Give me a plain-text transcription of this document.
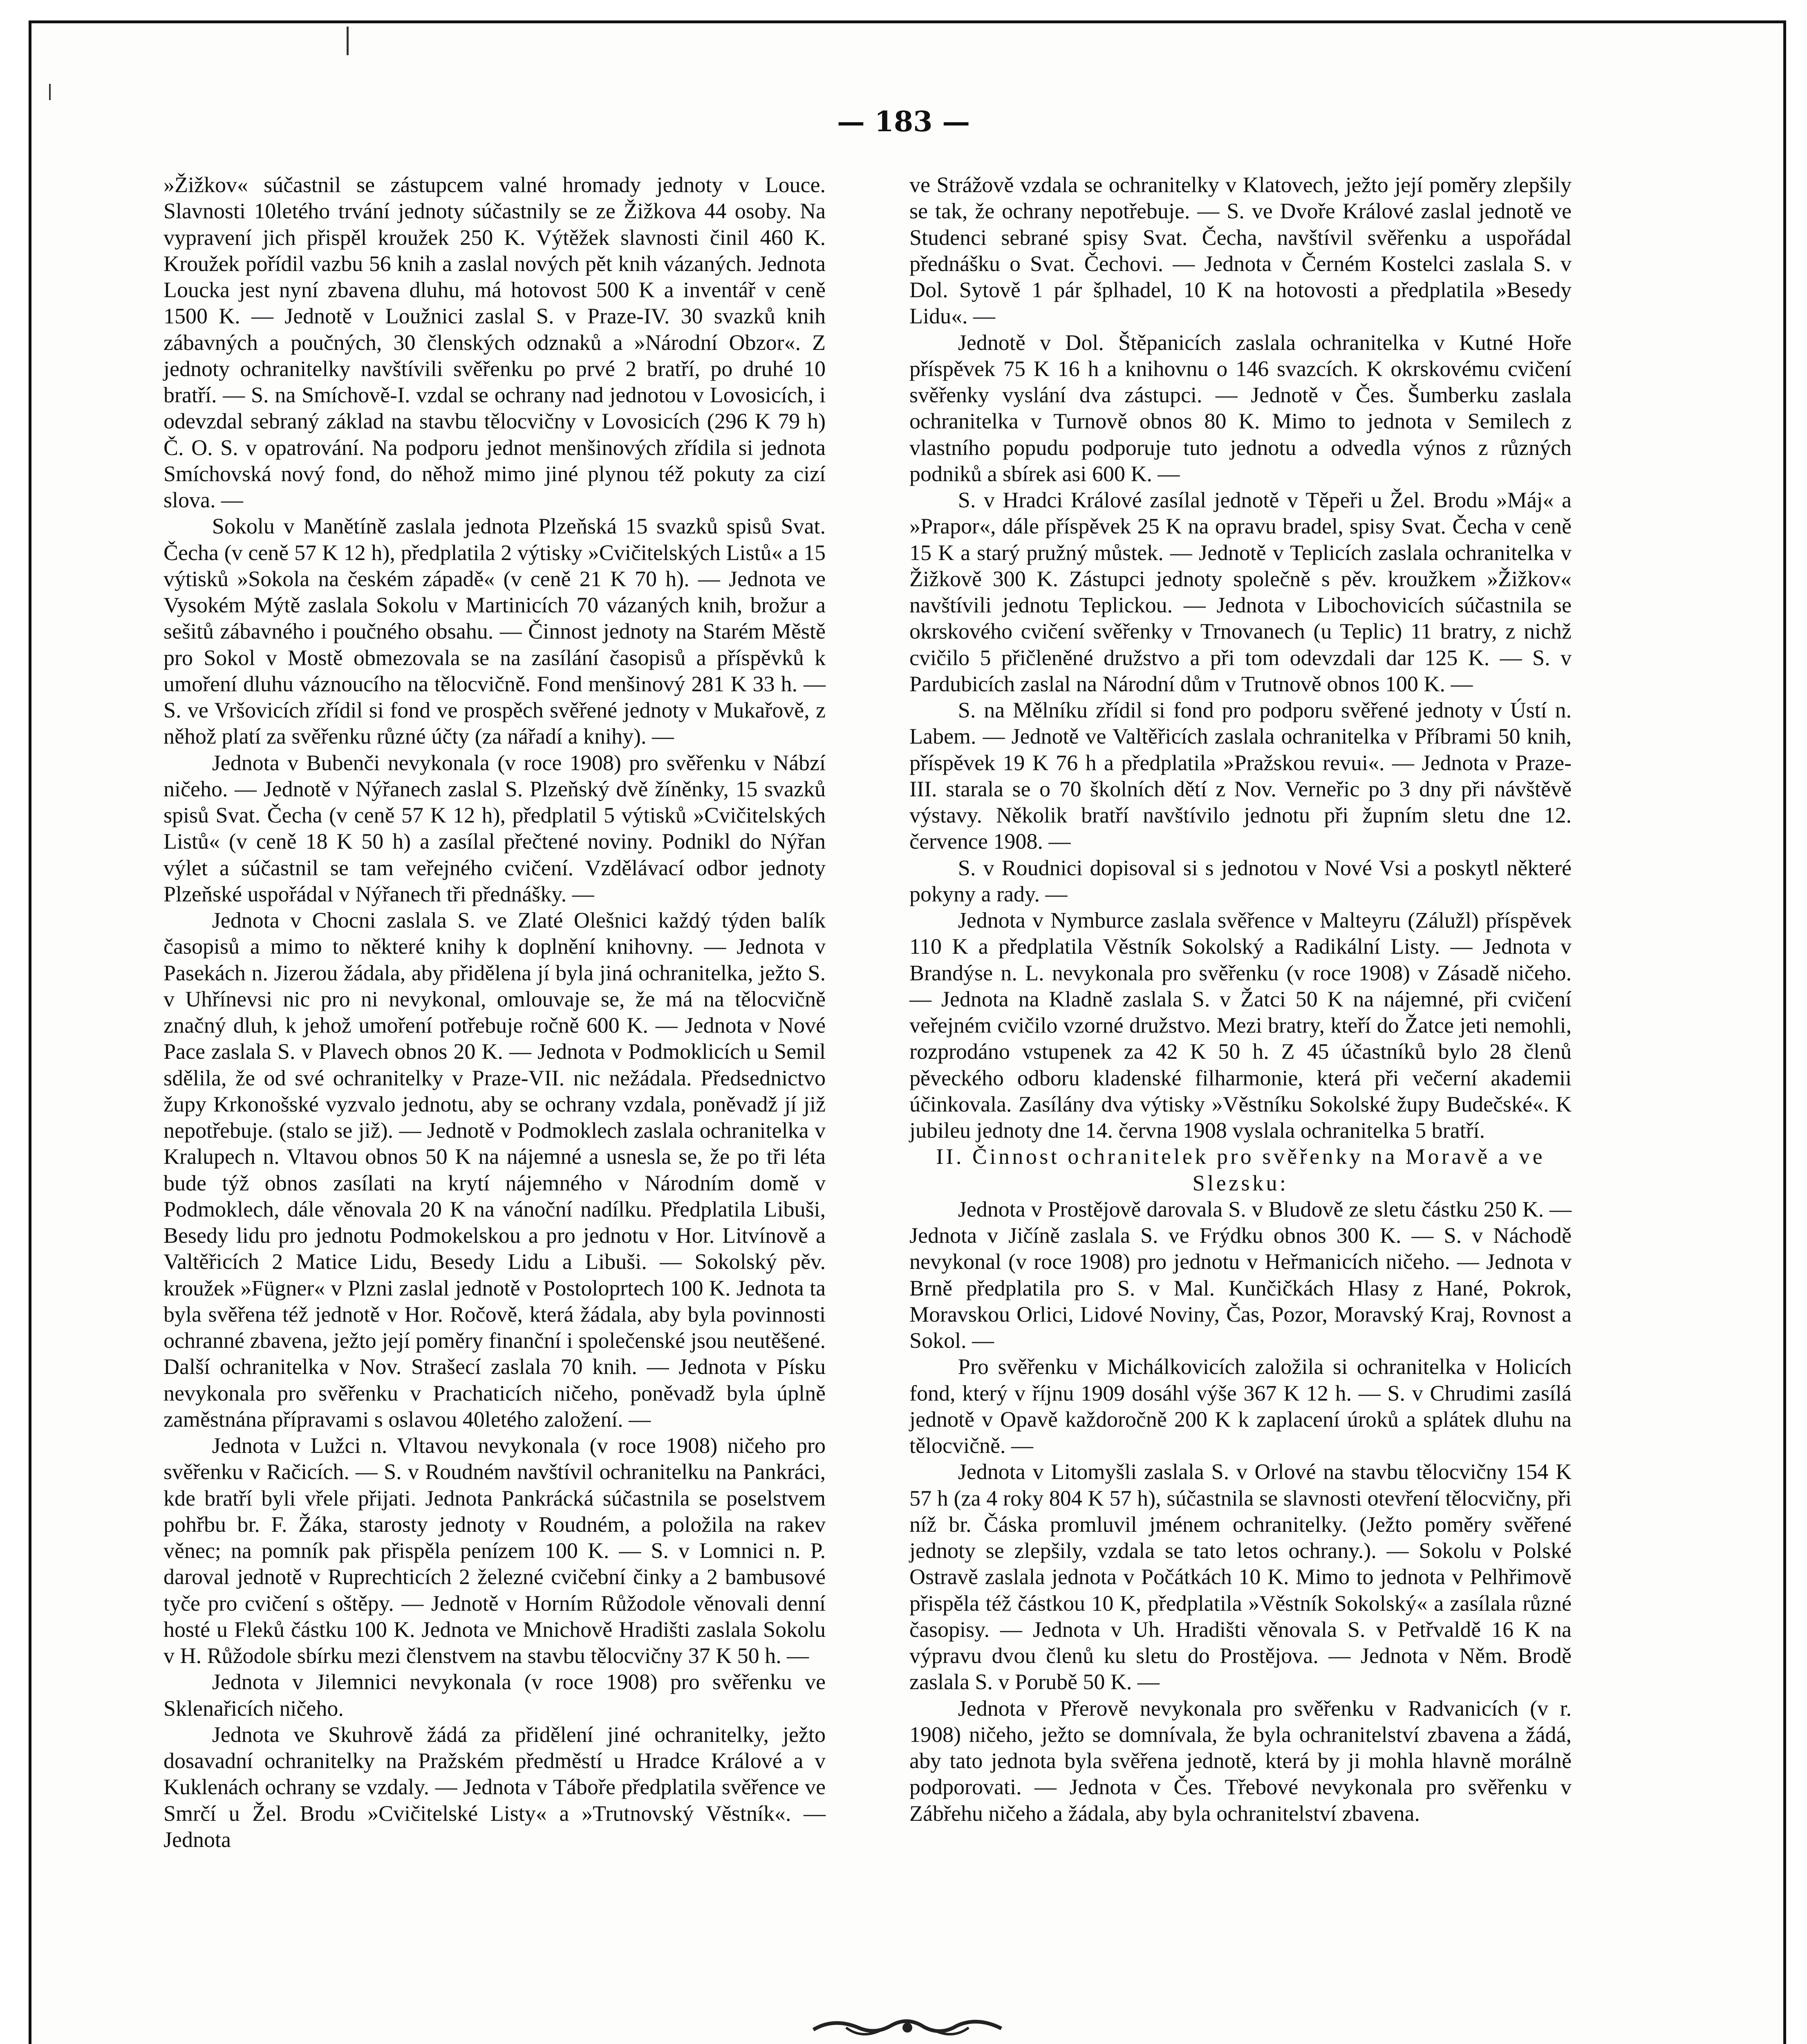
— 183 —

»Žižkov« súčastnil se zástupcem valné hromady jednoty v Louce. Slavnosti 10letého trvání jednoty súčastnily se ze Žižkova 44 osoby. Na vypravení jich přispěl kroužek 250 K. Výtěžek slavnosti činil 460 K. Kroužek pořídil vazbu 56 knih a zaslal nových pět knih vázaných. Jednota Loucka jest nyní zbavena dluhu, má hotovost 500 K a inventář v ceně 1500 K. — Jednotě v Loužnici zaslal S. v Praze-IV. 30 svazků knih zábavných a poučných, 30 členských odznaků a »Národní Obzor«. Z jednoty ochranitelky navštívili svěřenku po prvé 2 bratří, po druhé 10 bratří. — S. na Smíchově-I. vzdal se ochrany nad jednotou v Lovosicích, i odevzdal sebraný základ na stavbu tělocvičny v Lovosicích (296 K 79 h) Č. O. S. v opatrování. Na podporu jednot menšinových zřídila si jednota Smíchovská nový fond, do něhož mimo jiné plynou též pokuty za cizí slova. —

Sokolu v Manětíně zaslala jednota Plzeňská 15 svazků spisů Svat. Čecha (v ceně 57 K 12 h), předplatila 2 výtisky »Cvičitelských Listů« a 15 výtisků »Sokola na českém západě« (v ceně 21 K 70 h). — Jednota ve Vysokém Mýtě zaslala Sokolu v Martinicích 70 vázaných knih, brožur a sešitů zábavného i poučného obsahu. — Činnost jednoty na Starém Městě pro Sokol v Mostě obmezovala se na zasílání časopisů a příspěvků k umoření dluhu váznoucího na tělocvičně. Fond menšinový 281 K 33 h. — S. ve Vršovicích zřídil si fond ve prospěch svěřené jednoty v Mukařově, z něhož platí za svěřenku různé účty (za nářadí a knihy). —

Jednota v Bubenči nevykonala (v roce 1908) pro svěřenku v Nábzí ničeho. — Jednotě v Nýřanech zaslal S. Plzeňský dvě žíněnky, 15 svazků spisů Svat. Čecha (v ceně 57 K 12 h), předplatil 5 výtisků »Cvičitelských Listů« (v ceně 18 K 50 h) a zasílal přečtené noviny. Podnikl do Nýřan výlet a súčastnil se tam veřejného cvičení. Vzdělávací odbor jednoty Plzeňské uspořádal v Nýřanech tři přednášky. —

Jednota v Chocni zaslala S. ve Zlaté Olešnici každý týden balík časopisů a mimo to některé knihy k doplnění knihovny. — Jednota v Pasekách n. Jizerou žádala, aby přidělena jí byla jiná ochranitelka, ježto S. v Uhřínevsi nic pro ni nevykonal, omlouvaje se, že má na tělocvičně značný dluh, k jehož umoření potřebuje ročně 600 K. — Jednota v Nové Pace zaslala S. v Plavech obnos 20 K. — Jednota v Podmoklicích u Semil sdělila, že od své ochranitelky v Praze-VII. nic nežádala. Předsednictvo župy Krkonošské vyzvalo jednotu, aby se ochrany vzdala, poněvadž jí již nepotřebuje. (stalo se již). — Jednotě v Podmoklech zaslala ochranitelka v Kralupech n. Vltavou obnos 50 K na nájemné a usnesla se, že po tři léta bude týž obnos zasílati na krytí nájemného v Národním domě v Podmoklech, dále věnovala 20 K na vánoční nadílku. Předplatila Libuši, Besedy lidu pro jednotu Podmokelskou a pro jednotu v Hor. Litvínově a Valtěřicích 2 Matice Lidu, Besedy Lidu a Libuši. — Sokolský pěv. kroužek »Fügner« v Plzni zaslal jednotě v Postoloprtech 100 K. Jednota ta byla svěřena též jednotě v Hor. Ročově, která žádala, aby byla povinnosti ochranné zbavena, ježto její poměry finanční i společenské jsou neutěšené. Další ochranitelka v Nov. Strašecí zaslala 70 knih. — Jednota v Písku nevykonala pro svěřenku v Prachaticích ničeho, poněvadž byla úplně zaměstnána přípravami s oslavou 40letého založení. —

Jednota v Lužci n. Vltavou nevykonala (v roce 1908) ničeho pro svěřenku v Račicích. — S. v Roudném navštívil ochranitelku na Pankráci, kde bratří byli vřele přijati. Jednota Pankrácká súčastnila se poselstvem pohřbu br. F. Žáka, starosty jednoty v Roudném, a položila na rakev věnec; na pomník pak přispěla penízem 100 K. — S. v Lomnici n. P. daroval jednotě v Ruprechticích 2 železné cvičební činky a 2 bambusové tyče pro cvičení s oštěpy. — Jednotě v Horním Růžodole věnovali denní hosté u Fleků částku 100 K. Jednota ve Mnichově Hradišti zaslala Sokolu v H. Růžodole sbírku mezi členstvem na stavbu tělocvičny 37 K 50 h. —

Jednota v Jilemnici nevykonala (v roce 1908) pro svěřenku ve Sklenařicích ničeho.

Jednota ve Skuhrově žádá za přidělení jiné ochranitelky, ježto dosavadní ochranitelky na Pražském předměstí u Hradce Králové a v Kuklenách ochrany se vzdaly. — Jednota v Táboře předplatila svěřence ve Smrčí u Žel. Brodu »Cvičitelské Listy« a »Trutnovský Věstník«. — Jednota

ve Strážově vzdala se ochranitelky v Klatovech, ježto její poměry zlepšily se tak, že ochrany nepotřebuje. — S. ve Dvoře Králové zaslal jednotě ve Studenci sebrané spisy Svat. Čecha, navštívil svěřenku a uspořádal přednášku o Svat. Čechovi. — Jednota v Černém Kostelci zaslala S. v Dol. Sytově 1 pár šplhadel, 10 K na hotovosti a předplatila »Besedy Lidu«. —

Jednotě v Dol. Štěpanicích zaslala ochranitelka v Kutné Hoře příspěvek 75 K 16 h a knihovnu o 146 svazcích. K okrskovému cvičení svěřenky vyslání dva zástupci. — Jednotě v Čes. Šumberku zaslala ochranitelka v Turnově obnos 80 K. Mimo to jednota v Semilech z vlastního popudu podporuje tuto jednotu a odvedla výnos z různých podniků a sbírek asi 600 K. —

S. v Hradci Králové zasílal jednotě v Těpeři u Žel. Brodu »Máj« a »Prapor«, dále příspěvek 25 K na opravu bradel, spisy Svat. Čecha v ceně 15 K a starý pružný můstek. — Jednotě v Teplicích zaslala ochranitelka v Žižkově 300 K. Zástupci jednoty společně s pěv. kroužkem »Žižkov« navštívili jednotu Teplickou. — Jednota v Libochovicích súčastnila se okrskového cvičení svěřenky v Trnovanech (u Teplic) 11 bratry, z nichž cvičilo 5 přičleněné družstvo a při tom odevzdali dar 125 K. — S. v Pardubicích zaslal na Národní dům v Trutnově obnos 100 K. —

S. na Mělníku zřídil si fond pro podporu svěřené jednoty v Ústí n. Labem. — Jednotě ve Valtěřicích zaslala ochranitelka v Příbrami 50 knih, příspěvek 19 K 76 h a předplatila »Pražskou revui«. — Jednota v Praze-III. starala se o 70 školních dětí z Nov. Verneřic po 3 dny při návštěvě výstavy. Několik bratří navštívilo jednotu při župním sletu dne 12. července 1908. —

S. v Roudnici dopisoval si s jednotou v Nové Vsi a poskytl některé pokyny a rady. —

Jednota v Nymburce zaslala svěřence v Malteyru (Zálužl) příspěvek 110 K a předplatila Věstník Sokolský a Radikální Listy. — Jednota v Brandýse n. L. nevykonala pro svěřenku (v roce 1908) v Zásadě ničeho. — Jednota na Kladně zaslala S. v Žatci 50 K na nájemné, při cvičení veřejném cvičilo vzorné družstvo. Mezi bratry, kteří do Žatce jeti nemohli, rozprodáno vstupenek za 42 K 50 h. Z 45 účastníků bylo 28 členů pěveckého odboru kladenské filharmonie, která při večerní akademii účinkovala. Zasílány dva výtisky »Věstníku Sokolské župy Budečské«. K jubileu jednoty dne 14. června 1908 vyslala ochranitelka 5 bratří.

II. Činnost ochranitelek pro svěřenky na Moravě a ve Slezsku:

Jednota v Prostějově darovala S. v Bludově ze sletu částku 250 K. — Jednota v Jičíně zaslala S. ve Frýdku obnos 300 K. — S. v Náchodě nevykonal (v roce 1908) pro jednotu v Heřmanicích ničeho. — Jednota v Brně předplatila pro S. v Mal. Kunčičkách Hlasy z Hané, Pokrok, Moravskou Orlici, Lidové Noviny, Čas, Pozor, Moravský Kraj, Rovnost a Sokol. —

Pro svěřenku v Michálkovicích založila si ochranitelka v Holicích fond, který v říjnu 1909 dosáhl výše 367 K 12 h. — S. v Chrudimi zasílá jednotě v Opavě každoročně 200 K k zaplacení úroků a splátek dluhu na tělocvičně. —

Jednota v Litomyšli zaslala S. v Orlové na stavbu tělocvičny 154 K 57 h (za 4 roky 804 K 57 h), súčastnila se slavnosti otevření tělocvičny, při níž br. Čáska promluvil jménem ochranitelky. (Ježto poměry svěřené jednoty se zlepšily, vzdala se tato letos ochrany.). — Sokolu v Polské Ostravě zaslala jednota v Počátkách 10 K. Mimo to jednota v Pelhřimově přispěla též částkou 10 K, předplatila »Věstník Sokolský« a zasílala různé časopisy. — Jednota v Uh. Hradišti věnovala S. v Petřvaldě 16 K na výpravu dvou členů ku sletu do Prostějova. — Jednota v Něm. Brodě zaslala S. v Porubě 50 K. —

Jednota v Přerově nevykonala pro svěřenku v Radvanicích (v r. 1908) ničeho, ježto se domnívala, že byla ochranitelství zbavena a žádá, aby tato jednota byla svěřena jednotě, která by ji mohla hlavně morálně podporovati. — Jednota v Čes. Třebové nevykonala pro svěřenku v Zábřehu ničeho a žádala, aby byla ochranitelství zbavena.
